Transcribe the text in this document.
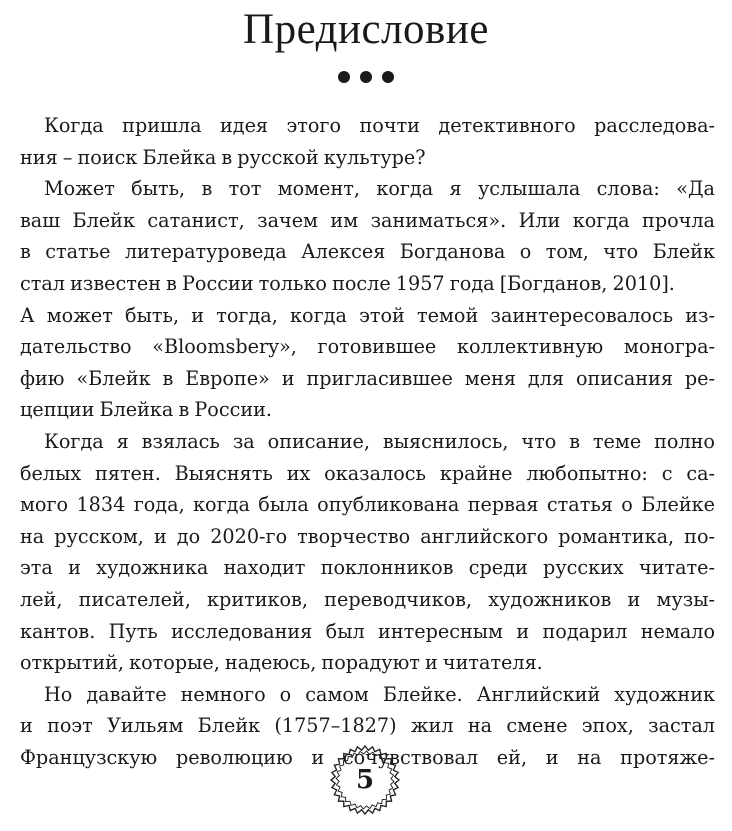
Предисловие
Когда пришла идея этого почти детективного расследова-
ния – поиск Блейка в русской культуре?
Может быть, в тот момент, когда я услышала слова: «Да
ваш Блейк сатанист, зачем им заниматься». Или когда прочла
в статье литературоведа Алексея Богданова о том, что Блейк
стал известен в России только после 1957 года [Богданов, 2010].
А может быть, и тогда, когда этой темой заинтересовалось из-
дательство «Bloomsbery», готовившее коллективную моногра-
фию «Блейк в Европе» и пригласившее меня для описания ре-
цепции Блейка в России.
Когда я взялась за описание, выяснилось, что в теме полно
белых пятен. Выяснять их оказалось крайне любопытно: с са-
мого 1834 года, когда была опубликована первая статья о Блейке
на русском, и до 2020-го творчество английского романтика, по-
эта и художника находит поклонников среди русских читате-
лей, писателей, критиков, переводчиков, художников и музы-
кантов. Путь исследования был интересным и подарил немало
открытий, которые, надеюсь, порадуют и читателя.
Но давайте немного о самом Блейке. Английский художник
и поэт Уильям Блейк (1757–1827) жил на смене эпох, застал
Французскую революцию и сочувствовал ей, и на протяже-
5
